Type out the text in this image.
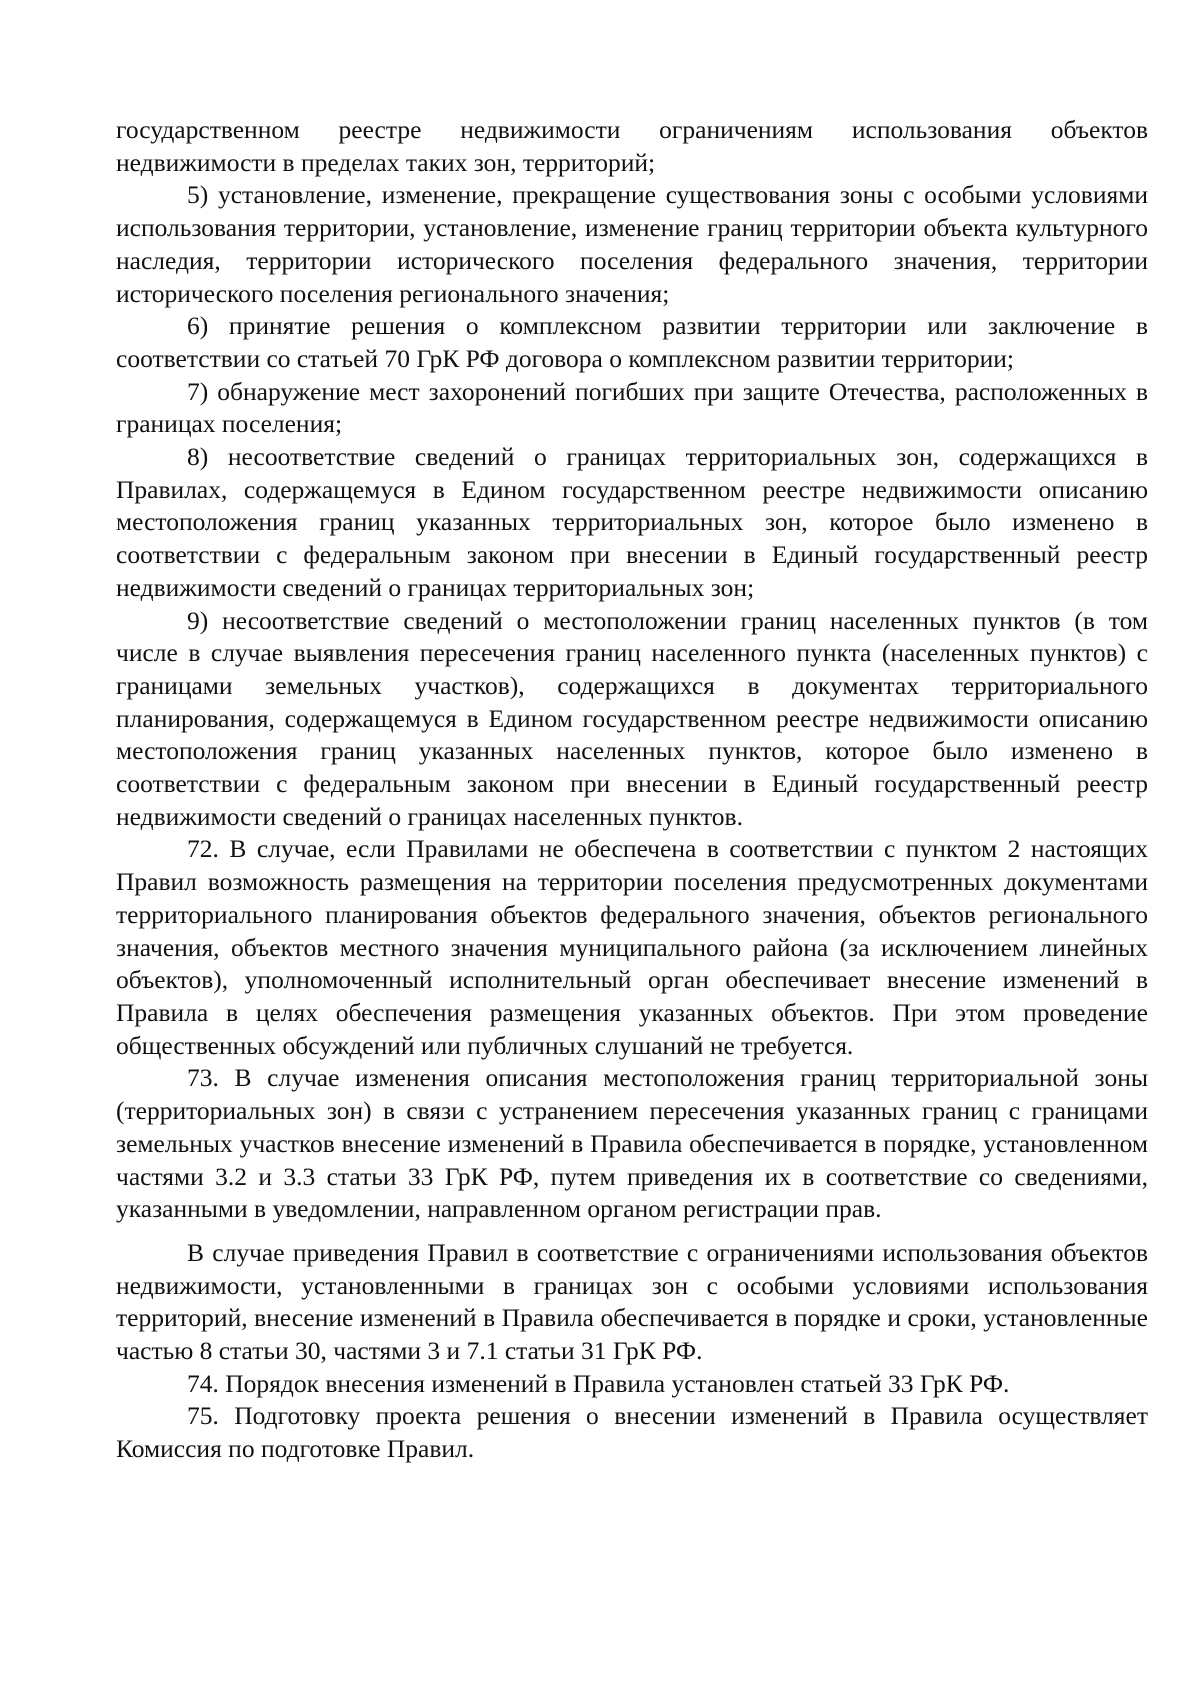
государственном реестре недвижимости ограничениям использования объектов недвижимости в пределах таких зон, территорий;

5) установление, изменение, прекращение существования зоны с особыми условиями использования территории, установление, изменение границ территории объекта культурного наследия, территории исторического поселения федерального значения, территории исторического поселения регионального значения;

6) принятие решения о комплексном развитии территории или заключение в соответствии со статьей 70 ГрК РФ договора о комплексном развитии территории;

7) обнаружение мест захоронений погибших при защите Отечества, расположенных в границах поселения;

8) несоответствие сведений о границах территориальных зон, содержащихся в Правилах, содержащемуся в Едином государственном реестре недвижимости описанию местоположения границ указанных территориальных зон, которое было изменено в соответствии с федеральным законом при внесении в Единый государственный реестр недвижимости сведений о границах территориальных зон;

9) несоответствие сведений о местоположении границ населенных пунктов (в том числе в случае выявления пересечения границ населенного пункта (населенных пунктов) с границами земельных участков), содержащихся в документах территориального планирования, содержащемуся в Едином государственном реестре недвижимости описанию местоположения границ указанных населенных пунктов, которое было изменено в соответствии с федеральным законом при внесении в Единый государственный реестр недвижимости сведений о границах населенных пунктов.

72. В случае, если Правилами не обеспечена в соответствии с пунктом 2 настоящих Правил возможность размещения на территории поселения предусмотренных документами территориального планирования объектов федерального значения, объектов регионального значения, объектов местного значения муниципального района (за исключением линейных объектов), уполномоченный исполнительный орган обеспечивает внесение изменений в Правила в целях обеспечения размещения указанных объектов. При этом проведение общественных обсуждений или публичных слушаний не требуется.

73. В случае изменения описания местоположения границ территориальной зоны (территориальных зон) в связи с устранением пересечения указанных границ с границами земельных участков внесение изменений в Правила обеспечивается в порядке, установленном частями 3.2 и 3.3 статьи 33 ГрК РФ, путем приведения их в соответствие со сведениями, указанными в уведомлении, направленном органом регистрации прав.

В случае приведения Правил в соответствие с ограничениями использования объектов недвижимости, установленными в границах зон с особыми условиями использования территорий, внесение изменений в Правила обеспечивается в порядке и сроки, установленные частью 8 статьи 30, частями 3 и 7.1 статьи 31 ГрК РФ.

74. Порядок внесения изменений в Правила установлен статьей 33 ГрК РФ.

75. Подготовку проекта решения о внесении изменений в Правила осуществляет Комиссия по подготовке Правил.
